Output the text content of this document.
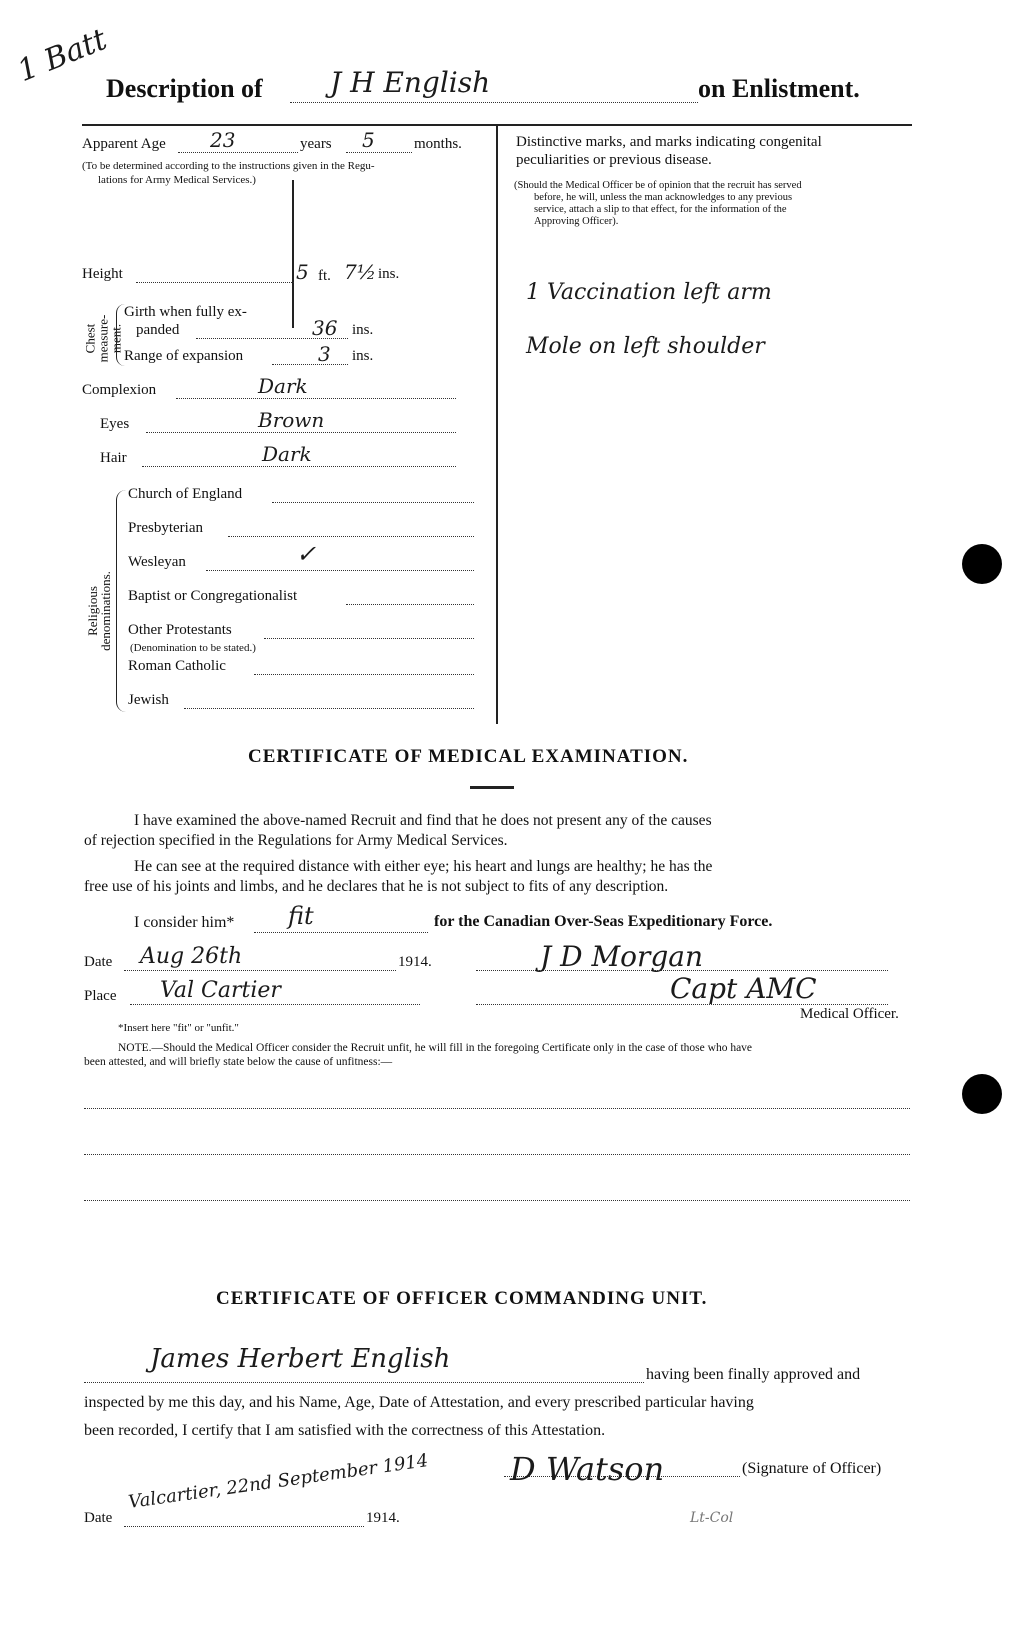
1 Batt
Description of J H English	on Enlistment.
Apparent Age 23	years 5	months.
(To be determined according to the instructions given in the Regu-
lations for Army Medical Services.)
Height	5 ft. 7½ ins.
Chest
measure-
ment.
Girth when fully ex-
panded	36 ins.
Range of expansion	3 ins.
Complexion	Dark
Eyes	Brown
Hair	Dark
Religious
denominations.
Church of England
Presbyterian
Wesleyan	✓
Baptist or Congregationalist
Other Protestants
(Denomination to be stated.)
Roman Catholic
Jewish
Distinctive marks, and marks indicating congenital
peculiarities or previous disease.
(Should the Medical Officer be of opinion that the recruit has served
before, he will, unless the man acknowledges to any previous
service, attach a slip to that effect, for the information of the
Approving Officer).
1 Vaccination left arm
Mole on left shoulder
CERTIFICATE OF MEDICAL EXAMINATION.
I have examined the above-named Recruit and find that he does not present any of the causes
of rejection specified in the Regulations for Army Medical Services.
He can see at the required distance with either eye; his heart and lungs are healthy; he has the
free use of his joints and limbs, and he declares that he is not subject to fits of any description.
I consider him* fit	for the Canadian Over-Seas Expeditionary Force.
Date Aug 26th	1914.	J D Morgan
Place Val Cartier	Capt AMC
Medical Officer.
*Insert here "fit" or "unfit."
NOTE.—Should the Medical Officer consider the Recruit unfit, he will fill in the foregoing Certificate only in the case of those who have
been attested, and will briefly state below the cause of unfitness:—
CERTIFICATE OF OFFICER COMMANDING UNIT.
James Herbert English
having been finally approved and
inspected by me this day, and his Name, Age, Date of Attestation, and every prescribed particular having
been recorded, I certify that I am satisfied with the correctness of this Attestation.
D Watson	(Signature of Officer)
Date
Valcartier, 22nd September 1914
1914.	Lt-Col
